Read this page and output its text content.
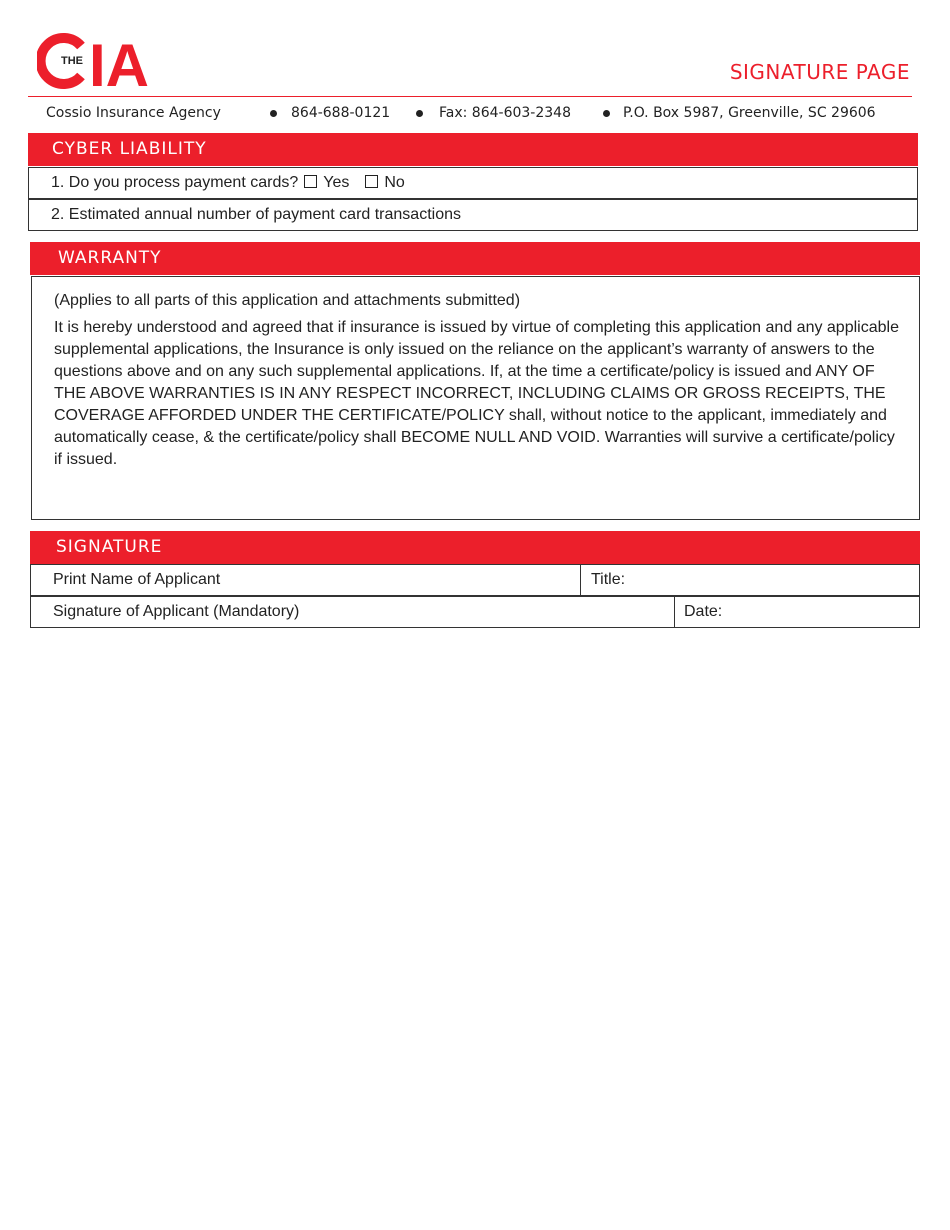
THE IA	SIGNATURE PAGE
Cossio Insurance Agency	864-688-0121	Fax: 864-603-2348	P.O. Box 5987, Greenville, SC 29606
CYBER LIABILITY
1. Do you process payment cards? Yes No
2. Estimated annual number of payment card transactions
WARRANTY

(Applies to all parts of this application and attachments submitted)

It is hereby understood and agreed that if insurance is issued by virtue of completing this application and any applicable supplemental applications, the Insurance is only issued on the reliance on the applicant’s warranty of answers to the questions above and on any such supplemental applications. If, at the time a certificate/policy is issued and ANY OF THE ABOVE WARRANTIES IS IN ANY RESPECT INCORRECT, INCLUDING CLAIMS OR GROSS RECEIPTS, THE COVERAGE AFFORDED UNDER THE CERTIFICATE/POLICY shall, without notice to the applicant, immediately and automatically cease, & the certificate/policy shall BECOME NULL AND VOID. Warranties will survive a certificate/policy if issued.

SIGNATURE
Print Name of Applicant	Title:
Signature of Applicant (Mandatory)	Date:
